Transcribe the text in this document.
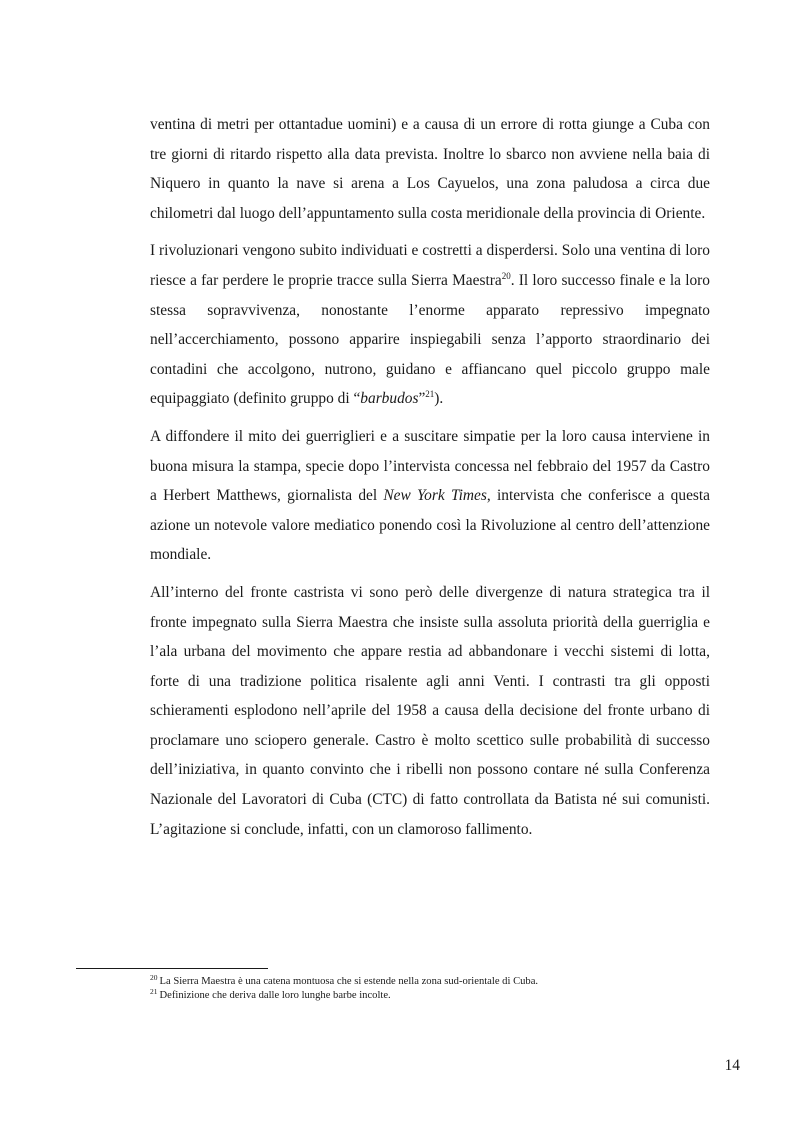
ventina di metri per ottantadue uomini) e a causa di un errore di rotta giunge a Cuba con tre giorni di ritardo rispetto alla data prevista. Inoltre lo sbarco non avviene nella baia di Niquero in quanto la nave si arena a Los Cayuelos, una zona paludosa a circa due chilometri dal luogo dell’appuntamento sulla costa meridionale della provincia di Oriente.

I rivoluzionari vengono subito individuati e costretti a disperdersi. Solo una ventina di loro riesce a far perdere le proprie tracce sulla Sierra Maestra$^{20}$. Il loro successo finale e la loro stessa sopravvivenza, nonostante l’enorme apparato repressivo impegnato nell’accerchiamento, possono apparire inspiegabili senza l’apporto straordinario dei contadini che accolgono, nutrono, guidano e affiancano quel piccolo gruppo male equipaggiato (definito gruppo di “barbudos”$^{21}$).

A diffondere il mito dei guerriglieri e a suscitare simpatie per la loro causa interviene in buona misura la stampa, specie dopo l’intervista concessa nel febbraio del 1957 da Castro a Herbert Matthews, giornalista del New York Times, intervista che conferisce a questa azione un notevole valore mediatico ponendo così la Rivoluzione al centro dell’attenzione mondiale.

All’interno del fronte castrista vi sono però delle divergenze di natura strategica tra il fronte impegnato sulla Sierra Maestra che insiste sulla assoluta priorità della guerriglia e l’ala urbana del movimento che appare restia ad abbandonare i vecchi sistemi di lotta, forte di una tradizione politica risalente agli anni Venti. I contrasti tra gli opposti schieramenti esplodono nell’aprile del 1958 a causa della decisione del fronte urbano di proclamare uno sciopero generale. Castro è molto scettico sulle probabilità di successo dell’iniziativa, in quanto convinto che i ribelli non possono contare né sulla Conferenza Nazionale del Lavoratori di Cuba (CTC) di fatto controllata da Batista né sui comunisti. L’agitazione si conclude, infatti, con un clamoroso fallimento.

$^{20}$ La Sierra Maestra è una catena montuosa che si estende nella zona sud-orientale di Cuba.

$^{21}$ Definizione che deriva dalle loro lunghe barbe incolte.

14
